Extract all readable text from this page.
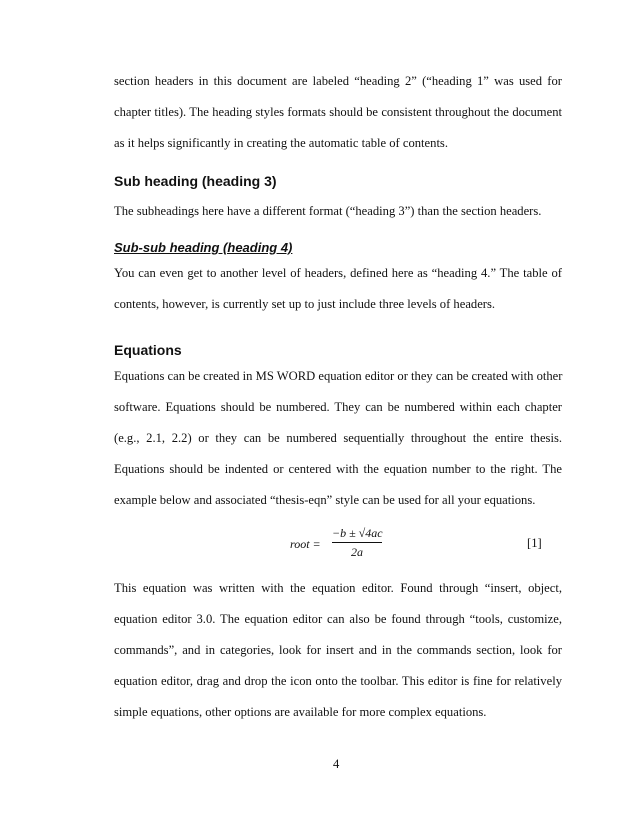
section headers in this document are labeled “heading 2” (“heading 1” was used for
chapter titles). The heading styles formats should be consistent throughout the document
as it helps significantly in creating the automatic table of contents.
Sub heading (heading 3)
The subheadings here have a different format (“heading 3”) than the section headers.
Sub-sub heading (heading 4)
You can even get to another level of headers, defined here as “heading 4.” The table of
contents, however, is currently set up to just include three levels of headers.
Equations
Equations can be created in MS WORD equation editor or they can be created with other
software. Equations should be numbered. They can be numbered within each chapter
(e.g., 2.1, 2.2) or they can be numbered sequentially throughout the entire thesis.
Equations should be indented or centered with the equation number to the right. The
example below and associated “thesis-eqn” style can be used for all your equations.
root =
−b ± √4ac
2a
[1]
This equation was written with the equation editor. Found through “insert, object,
equation editor 3.0. The equation editor can also be found through “tools, customize,
commands”, and in categories, look for insert and in the commands section, look for
equation editor, drag and drop the icon onto the toolbar. This editor is fine for relatively
simple equations, other options are available for more complex equations.
4
